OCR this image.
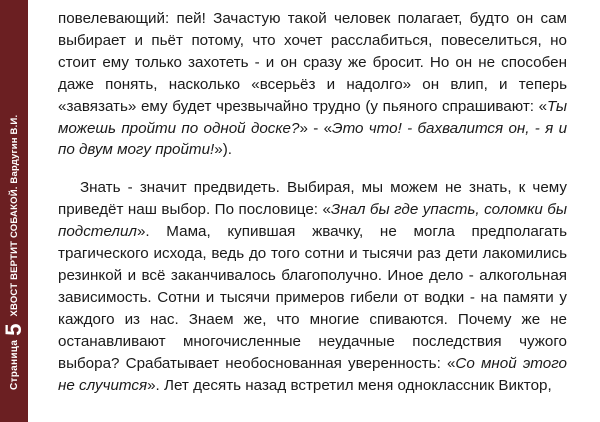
Страница
5
ХВОСТ ВЕРТИТ СОБАКОЙ. Вардугин В.И.

повелевающий: пей! Зачастую такой человек полагает, будто он сам выбирает и пьёт потому, что хочет расслабиться, повеселиться, но стоит ему только захотеть - и он сразу же бросит. Но он не способен даже понять, насколько «всерьёз и надолго» он влип, и теперь «завязать» ему будет чрезвычайно трудно (у пьяного спрашивают: «Ты можешь пройти по одной доске?» - «Это что! - бахвалится он, - я и по двум могу пройти!»).

Знать - значит предвидеть. Выбирая, мы можем не знать, к чему приведёт наш выбор. По пословице: «Знал бы где упасть, соломки бы подстелил». Мама, купившая жвачку, не могла предполагать трагического исхода, ведь до того сотни и тысячи раз дети лакомились резинкой и всё заканчивалось благополучно. Иное дело - алкогольная зависимость. Сотни и тысячи примеров гибели от водки - на памяти у каждого из нас. Знаем же, что многие спиваются. Почему же не останавливают многочисленные неудачные последствия чужого выбора? Срабатывает необоснованная уверенность: «Со мной этого не случится». Лет десять назад встретил меня одноклассник Виктор,
